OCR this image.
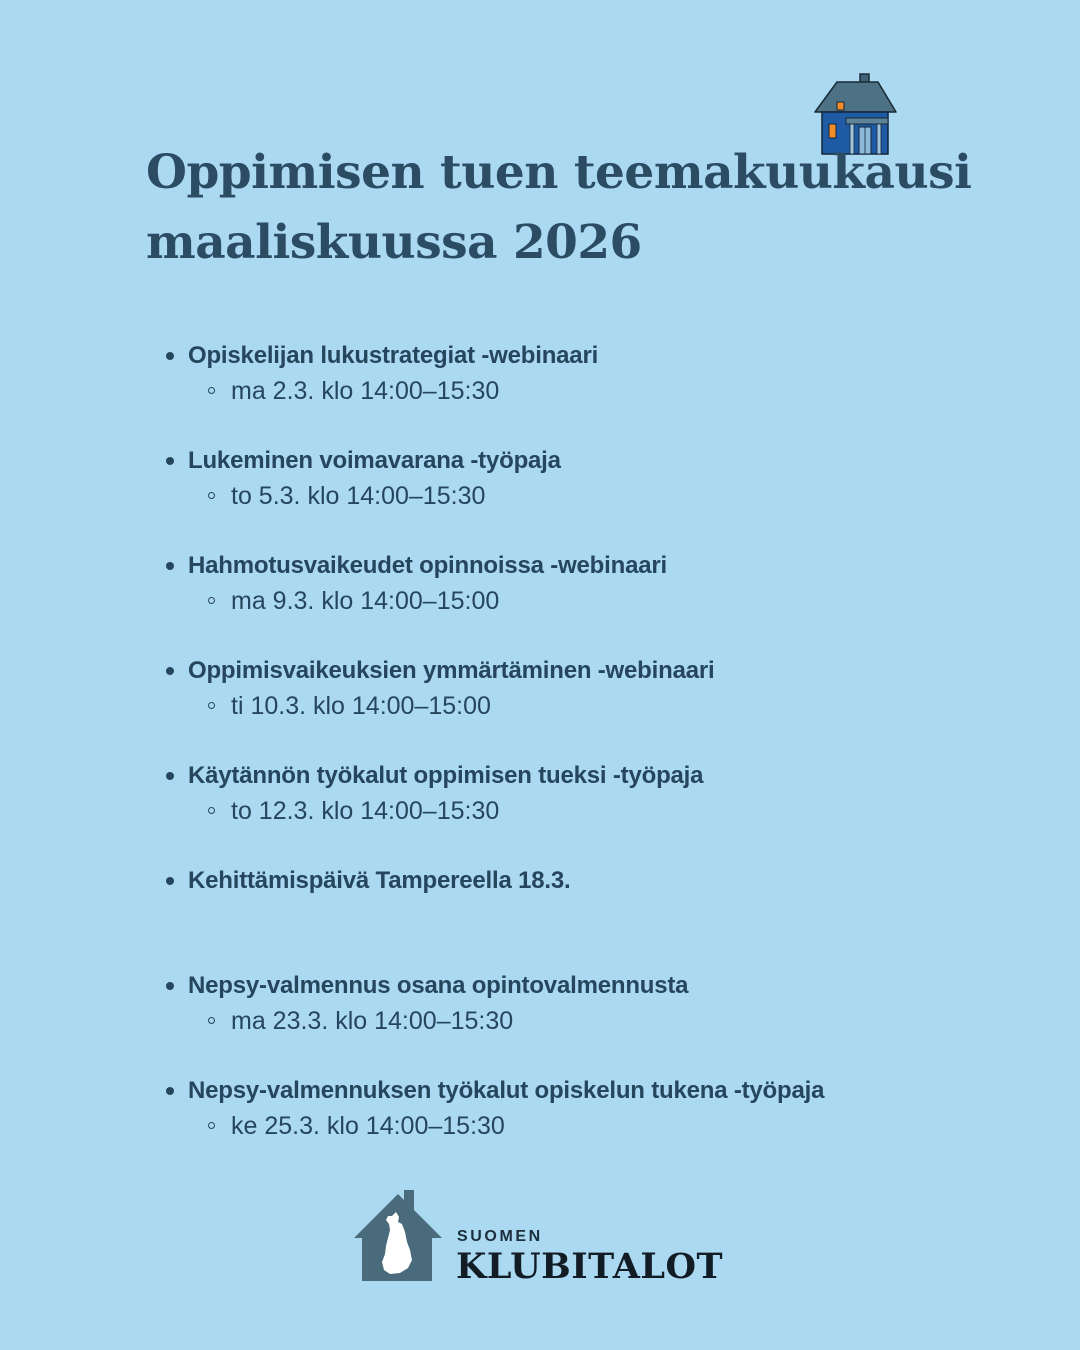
Oppimisen tuen teemakuukausi
maaliskuussa 2026
Opiskelijan lukustrategiat -webinaari
ma 2.3. klo 14:00–15:30
Lukeminen voimavarana -työpaja
to 5.3. klo 14:00–15:30
Hahmotusvaikeudet opinnoissa -webinaari
ma 9.3. klo 14:00–15:00
Oppimisvaikeuksien ymmärtäminen -webinaari
ti 10.3. klo 14:00–15:00
Käytännön työkalut oppimisen tueksi -työpaja
to 12.3. klo 14:00–15:30
Kehittämispäivä Tampereella 18.3.
Nepsy-valmennus osana opintovalmennusta
ma 23.3. klo 14:00–15:30
Nepsy-valmennuksen työkalut opiskelun tukena -työpaja
ke 25.3. klo 14:00–15:30
SUOMEN
KLUBITALOT
